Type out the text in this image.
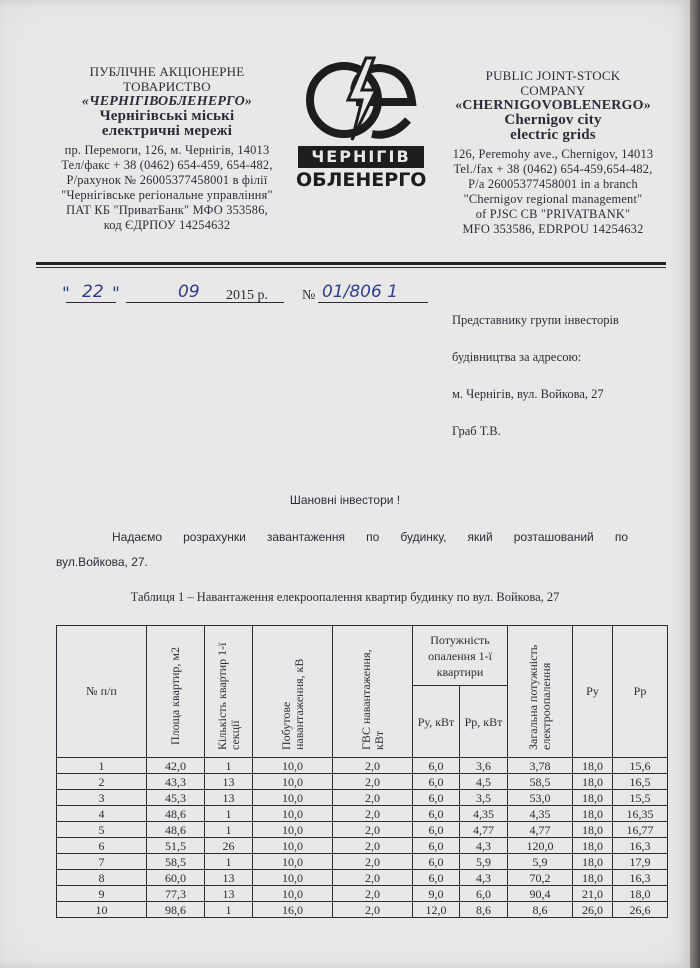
ПУБЛІЧНЕ АКЦІОНЕРНЕ
ТОВАРИСТВО
«ЧЕРНІГІВОБЛЕНЕРГО»
Чернігівські міські
електричні мережі
пр. Перемоги, 126, м. Чернігів, 14013
Тел/факс + 38 (0462) 654-459, 654-482,
Р/рахунок № 26005377458001 в філії
"Чернігівське регіональне управління"
ПАТ КБ "ПриватБанк" МФО 353586,
код ЄДРПОУ 14254632
ЧЕРНІГІВ
ОБЛЕНЕРГО
PUBLIC JOINT-STOCK
COMPANY
«CHERNIGOVOBLENERGO»
Chernigov city
electric grids
126, Peremohy ave., Chernigov, 14013
Tel./fax + 38 (0462) 654-459,654-482,
P/a 26005377458001 in a branch
"Chernigov regional management"
of PJSC CB "PRIVATBANK"
MFO 353586, EDRPOU 14254632
" 22 "	09 2015 р. № 01/806 1
Представнику групи інвесторів
будівництва за адресою:
м. Чернігів, вул. Войкова, 27
Граб Т.В.
Шановні інвестори !
Надаємо розрахунки завантаження по будинку, який розташований по
вул.Войкова, 27.
Таблиця 1 – Навантаження елекроопалення квартир будинку по вул. Войкова, 27
№ п/п	Площа квартир, м2	Кількість квартир 1-ї секції	Побутове навантаження, кВ	ГВС навантаження, кВт	Потужність опалення 1-ї квартири		Загальна потужність електроопалення	Ру	Рр
					Ру, кВт	Рр, кВт			
1	42,0	1	10,0	2,0	6,0	3,6	3,78	18,0	15,6
2	43,3	13	10,0	2,0	6,0	4,5	58,5	18,0	16,5
3	45,3	13	10,0	2,0	6,0	3,5	53,0	18,0	15,5
4	48,6	1	10,0	2,0	6,0	4,35	4,35	18,0	16,35
5	48,6	1	10,0	2,0	6,0	4,77	4,77	18,0	16,77
6	51,5	26	10,0	2,0	6,0	4,3	120,0	18,0	16,3
7	58,5	1	10,0	2,0	6,0	5,9	5,9	18,0	17,9
8	60,0	13	10,0	2,0	6,0	4,3	70,2	18,0	16,3
9	77,3	13	10,0	2,0	9,0	6,0	90,4	21,0	18,0
10	98,6	1	16,0	2,0	12,0	8,6	8,6	26,0	26,6
